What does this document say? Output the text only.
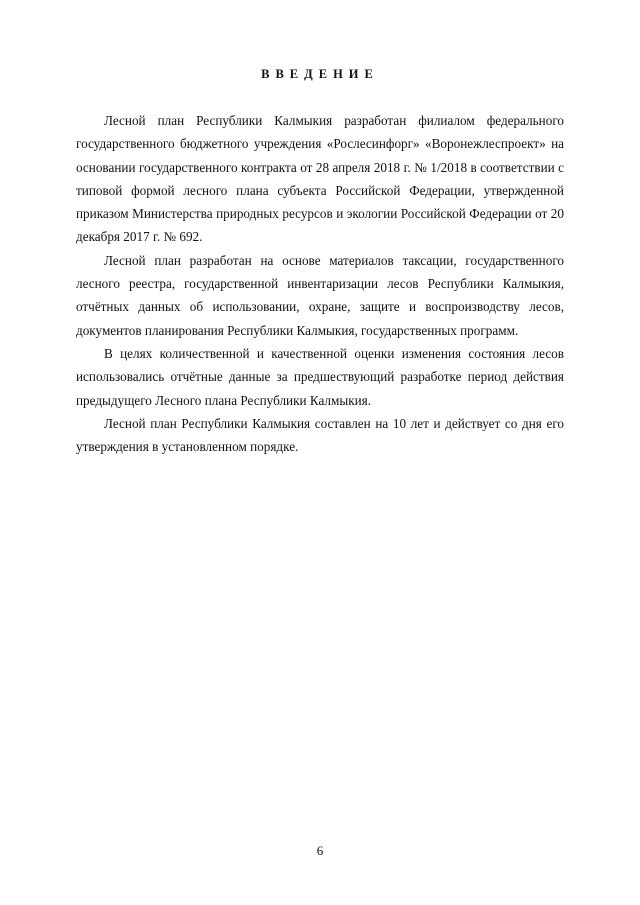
ВВЕДЕНИЕ

Лесной план Республики Калмыкия разработан филиалом федерального государственного бюджетного учреждения «Рослесинфорг» «Воронежлеспроект» на основании государственного контракта от 28 апреля 2018 г. № 1/2018 в соответствии с типовой формой лесного плана субъекта Российской Федерации, утвержденной приказом Министерства природных ресурсов и экологии Российской Федерации от 20 декабря 2017 г. № 692.

Лесной план разработан на основе материалов таксации, государственного лесного реестра, государственной инвентаризации лесов Республики Калмыкия, отчётных данных об использовании, охране, защите и воспроизводству лесов, документов планирования Республики Калмыкия, государственных программ.

В целях количественной и качественной оценки изменения состояния лесов использовались отчётные данные за предшествующий разработке период действия предыдущего Лесного плана Республики Калмыкия.

Лесной план Республики Калмыкия составлен на 10 лет и действует со дня его утверждения в установленном порядке.

6
